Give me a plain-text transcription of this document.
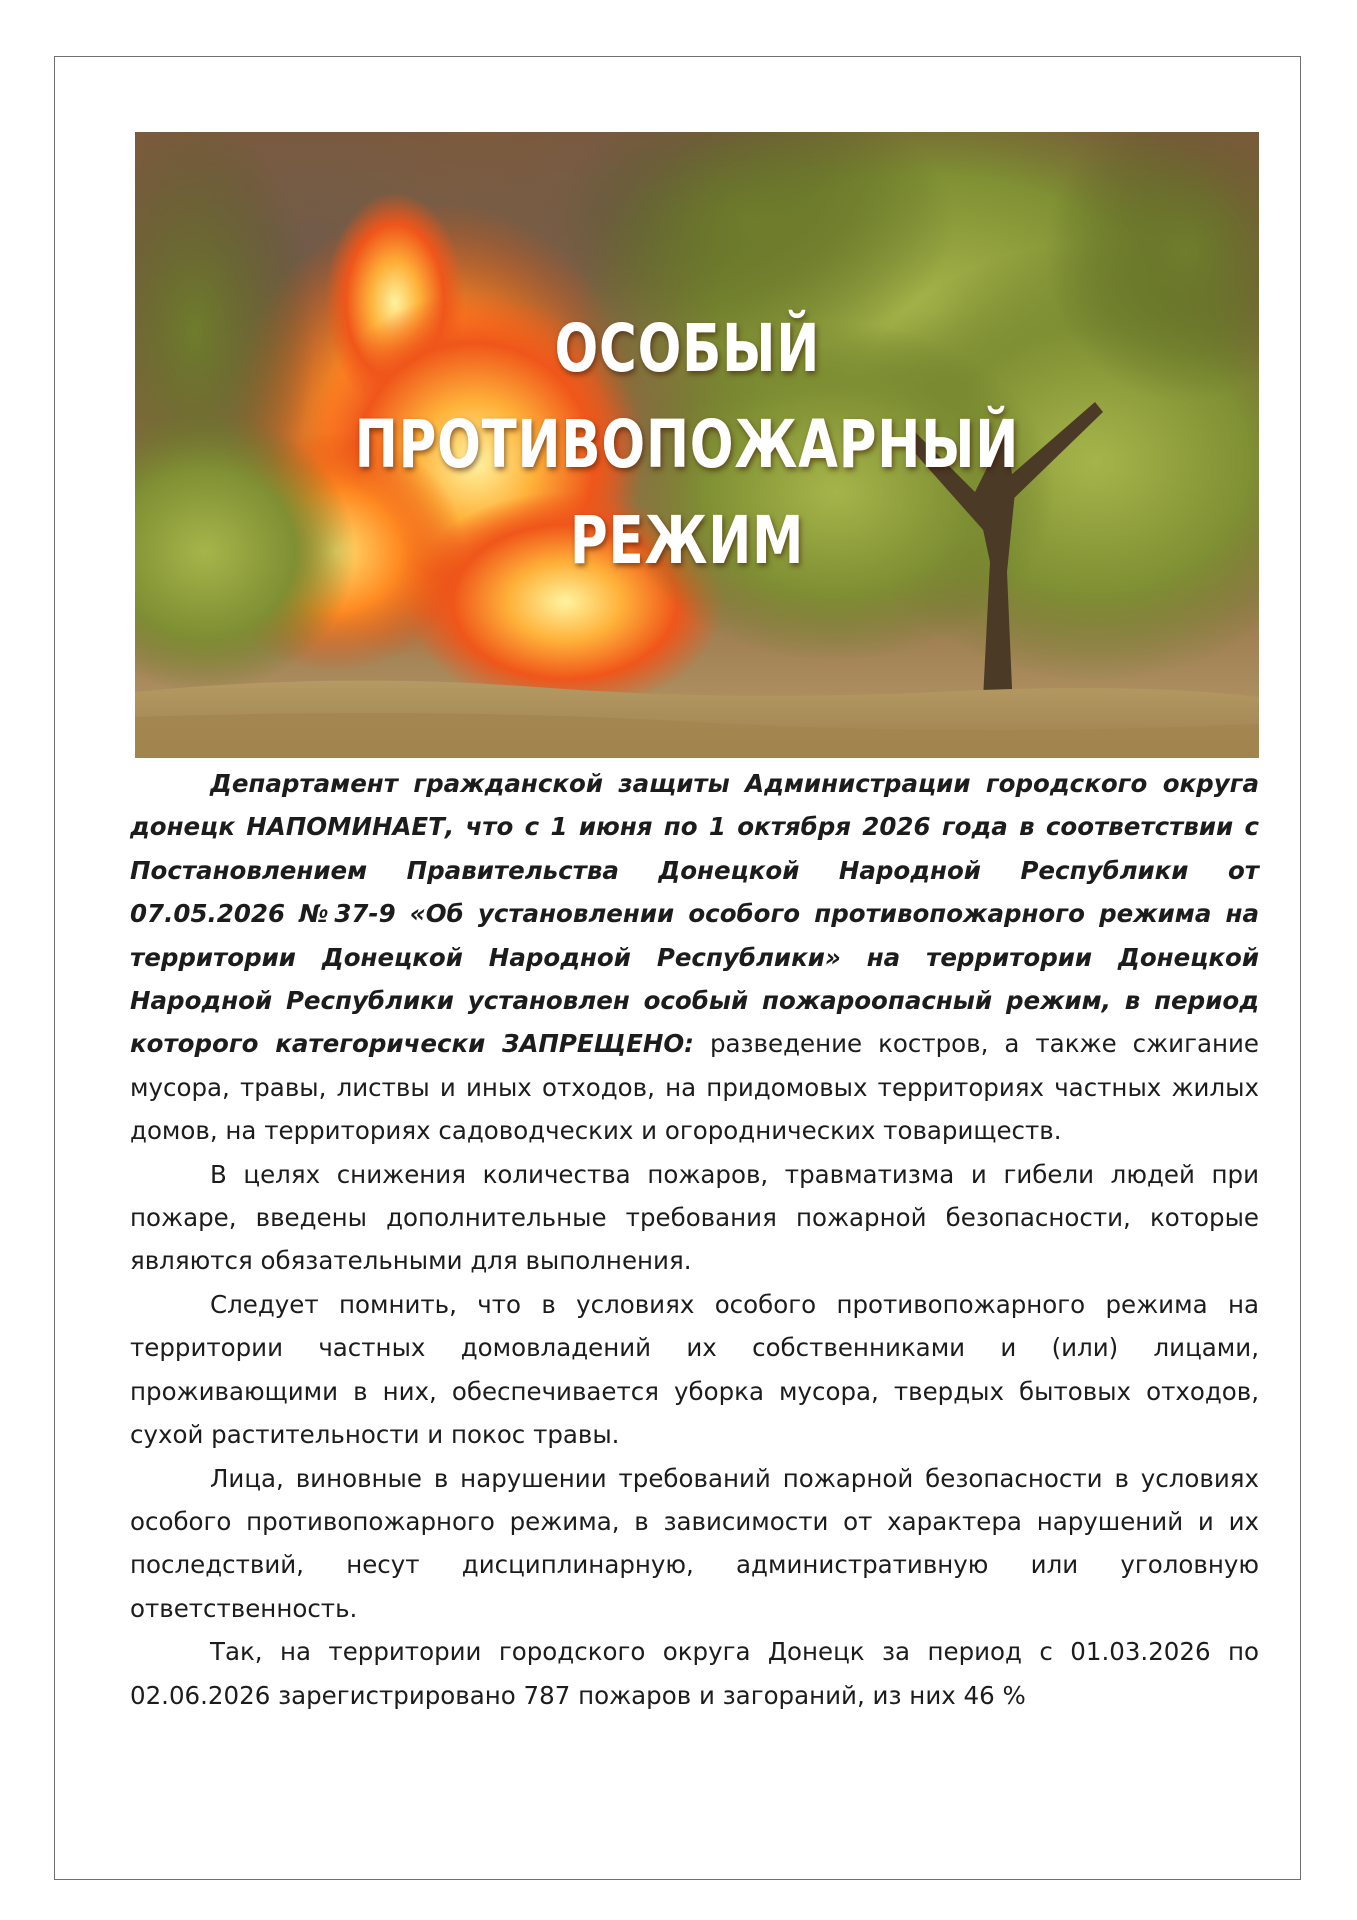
ОСОБЫЙ
ПРОТИВОПОЖАРНЫЙ
РЕЖИМ

Департамент гражданской защиты Администрации городского округа донецк НАПОМИНАЕТ, что с 1 июня по 1 октября 2026 года в соответствии с Постановлением Правительства Донецкой Народной Республики от 07.05.2026 №37-9 «Об установлении особого противопожарного режима на территории Донецкой Народной Республики» на территории Донецкой Народной Республики установлен особый пожароопасный режим, в период которого категорически ЗАПРЕЩЕНО: разведение костров, а также сжигание мусора, травы, листвы и иных отходов, на придомовых территориях частных жилых домов, на территориях садоводческих и огороднических товариществ.

В целях снижения количества пожаров, травматизма и гибели людей при пожаре, введены дополнительные требования пожарной безопасности, которые являются обязательными для выполнения.

Следует помнить, что в условиях особого противопожарного режима на территории частных домовладений их собственниками и (или) лицами, проживающими в них, обеспечивается уборка мусора, твердых бытовых отходов, сухой растительности и покос травы.

Лица, виновные в нарушении требований пожарной безопасности в условиях особого противопожарного режима, в зависимости от характера нарушений и их последствий, несут дисциплинарную, административную или уголовную ответственность.

Так, на территории городского округа Донецк за период с 01.03.2026 по 02.06.2026 зарегистрировано 787 пожаров и загораний, из них 46 %
